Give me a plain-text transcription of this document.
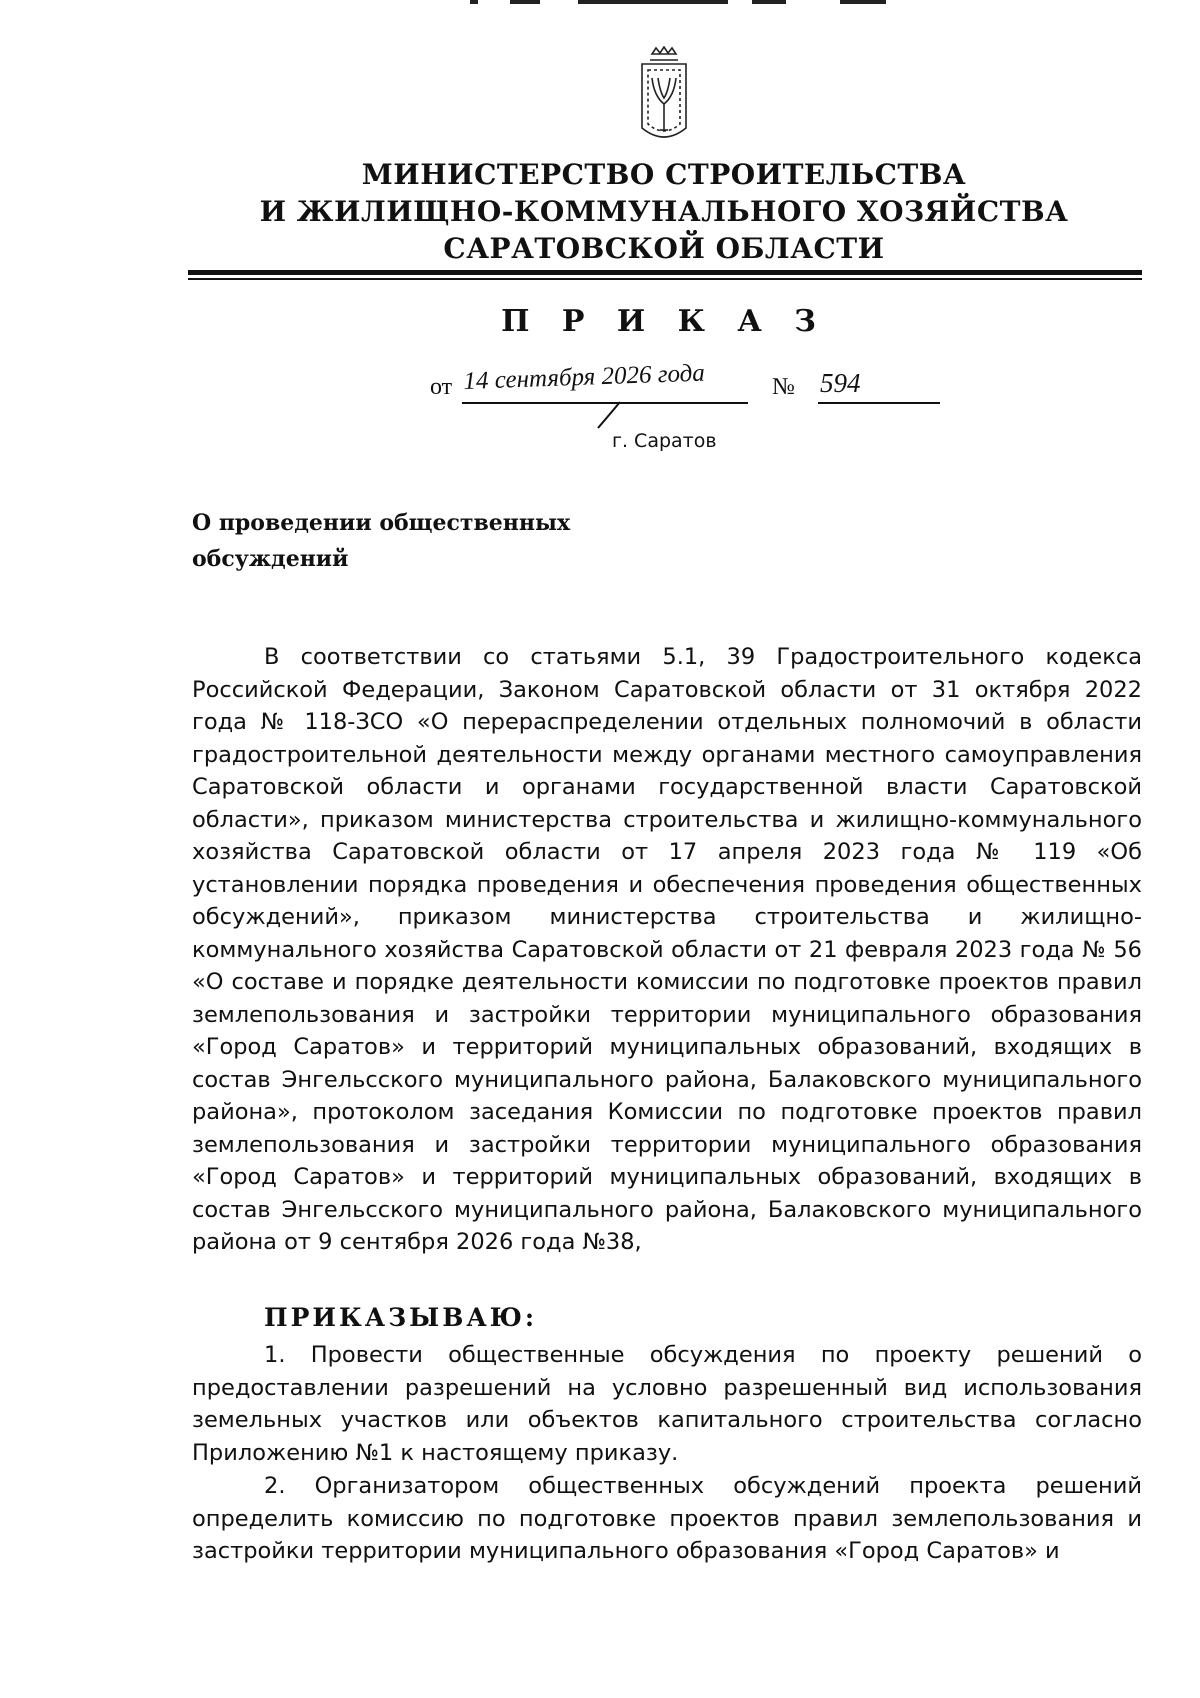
МИНИСТЕРСТВО СТРОИТЕЛЬСТВА
И ЖИЛИЩНО-КОММУНАЛЬНОГО ХОЗЯЙСТВА
САРАТОВСКОЙ ОБЛАСТИ
П Р И К А З
от 14 сентября 2026 года	№ 594
г. Саратов
О проведении общественных
обсуждений
В соответствии со статьями 5.1, 39 Градостроительного кодекса Российской Федерации, Законом Саратовской области от 31 октября 2022 года № 118-ЗСО «О перераспределении отдельных полномочий в области градостроительной деятельности между органами местного самоуправления Саратовской области и органами государственной власти Саратовской области», приказом министерства строительства и жилищно-коммунального хозяйства Саратовской области от 17 апреля 2023 года № 119 «Об установлении порядка проведения и обеспечения проведения общественных обсуждений», приказом министерства строительства и жилищно-коммунального хозяйства Саратовской области от 21 февраля 2023 года № 56 «О составе и порядке деятельности комиссии по подготовке проектов правил землепользования и застройки территории муниципального образования «Город Саратов» и территорий муниципальных образований, входящих в состав Энгельсского муниципального района, Балаковского муниципального района», протоколом заседания Комиссии по подготовке проектов правил землепользования и застройки территории муниципального образования «Город Саратов» и территорий муниципальных образований, входящих в состав Энгельсского муниципального района, Балаковского муниципального района от 9 сентября 2026 года №38,
ПРИКАЗЫВАЮ:
1. Провести общественные обсуждения по проекту решений о предоставлении разрешений на условно разрешенный вид использования земельных участков или объектов капитального строительства согласно Приложению №1 к настоящему приказу.
2. Организатором общественных обсуждений проекта решений определить комиссию по подготовке проектов правил землепользования и застройки территории муниципального образования «Город Саратов» и
